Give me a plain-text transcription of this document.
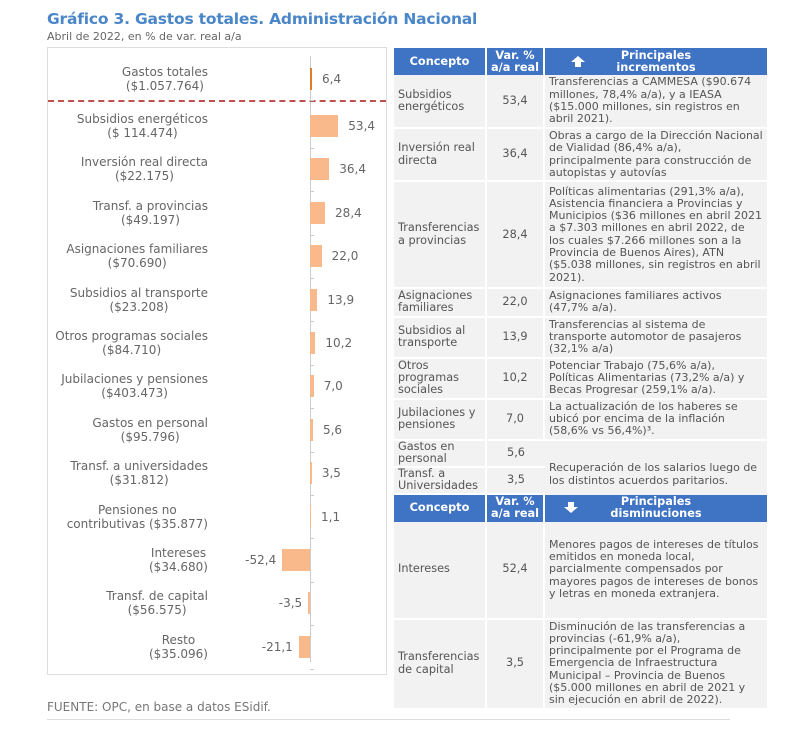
Gráfico 3. Gastos totales. Administración Nacional
Abril de 2022, en % de var. real a/a
Gastos totales
($1.057.764)	6,4
Subsidios energéticos
($ 114.474)	53,4
Inversión real directa
($22.175)	36,4
Transf. a provincias
($49.197)	28,4
Asignaciones familiares
($70.690)	22,0
Subsidios al transporte
($23.208)	13,9
Otros programas sociales
($84.710)	10,2
Jubilaciones y pensiones
($403.473)	7,0
Gastos en personal
($95.796)	5,6
Transf. a universidades
($31.812)	3,5
Pensiones no
contributivas ($35.877)	1,1
Intereses
($34.680)	-52,4
Transf. de capital
($56.575)	-3,5
Resto
($35.096)	-21,1
Concepto	Var. % a/a real
Principales incrementos
Subsidios energéticos	53,4
Transferencias a CAMMESA ($90.674 millones, 78,4% a/a), y a IEASA ($15.000 millones, sin registros en abril 2021).
Inversión real directa	36,4
Obras a cargo de la Dirección Nacional de Vialidad (86,4% a/a), principalmente para construcción de autopistas y autovías
Transferencias a provincias	28,4
Políticas alimentarias (291,3% a/a), Asistencia financiera a Provincias y Municipios ($36 millones en abril 2021 a $7.303 millones en abril 2022, de los cuales $7.266 millones son a la Provincia de Buenos Aires), ATN ($5.038 millones, sin registros en abril 2021).
Asignaciones familiares	22,0	Asignaciones familiares activos (47,7% a/a).
Subsidios al transporte	13,9
Transferencias al sistema de transporte automotor de pasajeros (32,1% a/a)
Otros programas sociales
10,2
Potenciar Trabajo (75,6% a/a), Políticas Alimentarias (73,2% a/a) y Becas Progresar (259,1% a/a).
Jubilaciones y pensiones	7,0
La actualización de los haberes se ubicó por encima de la inflación (58,6% vs 56,4%)³.
Gastos en personal	5,6
Transf. a Universidades	3,5
Recuperación de los salarios luego de los distintos acuerdos paritarios.
Concepto	Var. % a/a real
Principales disminuciones
Intereses	52,4
Menores pagos de intereses de títulos emitidos en moneda local, parcialmente compensados por mayores pagos de intereses de bonos y letras en moneda extranjera.
Transferencias de capital	3,5
Disminución de las transferencias a provincias (-61,9% a/a), principalmente por el Programa de Emergencia de Infraestructura Municipal – Provincia de Buenos ($5.000 millones en abril de 2021 y sin ejecución en abril de 2022).
FUENTE: OPC, en base a datos ESidif.
